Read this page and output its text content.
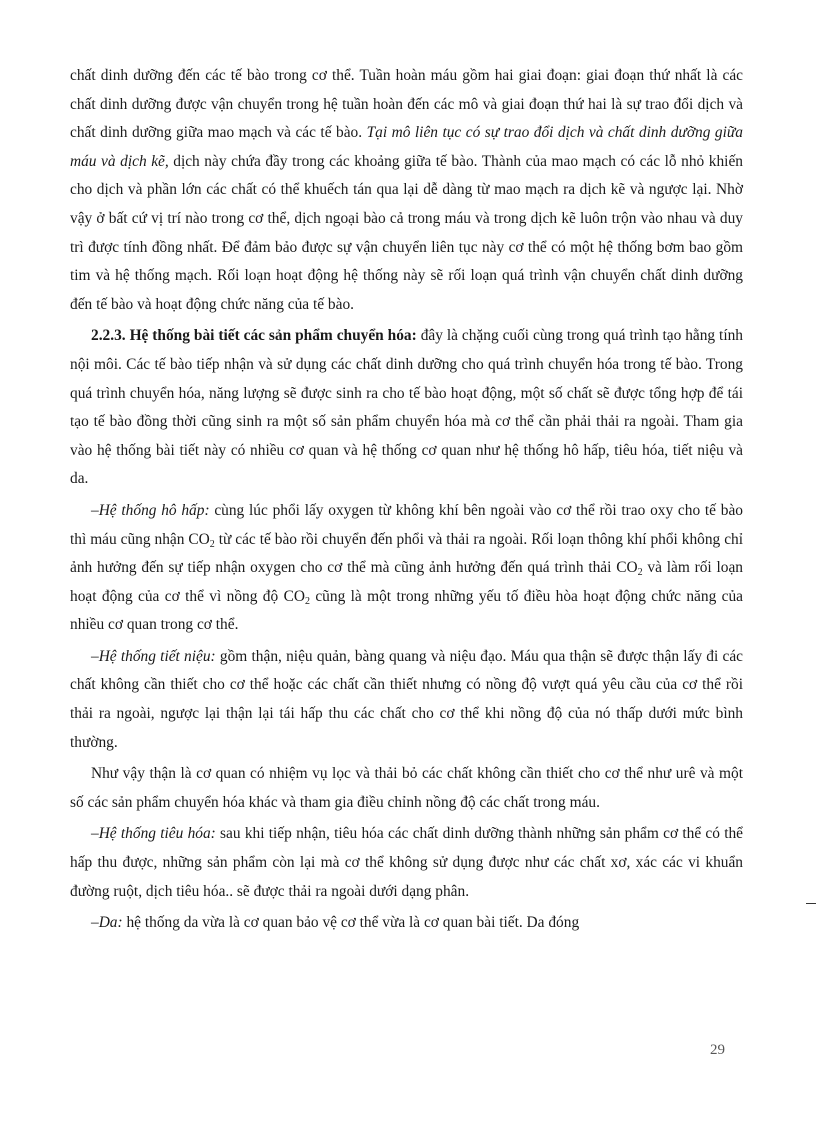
chất dinh dưỡng đến các tế bào trong cơ thể. Tuần hoàn máu gồm hai giai đoạn: giai đoạn thứ nhất là các chất dinh dưỡng được vận chuyển trong hệ tuần hoàn đến các mô và giai đoạn thứ hai là sự trao đổi dịch và chất dinh dưỡng giữa mao mạch và các tế bào. Tại mô liên tục có sự trao đổi dịch và chất dinh dưỡng giữa máu và dịch kẽ, dịch này chứa đầy trong các khoảng giữa tế bào. Thành của mao mạch có các lỗ nhỏ khiến cho dịch và phần lớn các chất có thể khuếch tán qua lại dễ dàng từ mao mạch ra dịch kẽ và ngược lại. Nhờ vậy ở bất cứ vị trí nào trong cơ thể, dịch ngoại bào cả trong máu và trong dịch kẽ luôn trộn vào nhau và duy trì được tính đồng nhất. Để đảm bảo được sự vận chuyển liên tục này cơ thể có một hệ thống bơm bao gồm tim và hệ thống mạch. Rối loạn hoạt động hệ thống này sẽ rối loạn quá trình vận chuyển chất dinh dưỡng đến tế bào và hoạt động chức năng của tế bào.

2.2.3. Hệ thống bài tiết các sản phẩm chuyển hóa: đây là chặng cuối cùng trong quá trình tạo hằng tính nội môi. Các tế bào tiếp nhận và sử dụng các chất dinh dưỡng cho quá trình chuyển hóa trong tế bào. Trong quá trình chuyển hóa, năng lượng sẽ được sinh ra cho tế bào hoạt động, một số chất sẽ được tổng hợp để tái tạo tế bào đồng thời cũng sinh ra một số sản phẩm chuyển hóa mà cơ thể cần phải thải ra ngoài. Tham gia vào hệ thống bài tiết này có nhiều cơ quan và hệ thống cơ quan như hệ thống hô hấp, tiêu hóa, tiết niệu và da.

–Hệ thống hô hấp: cùng lúc phổi lấy oxygen từ không khí bên ngoài vào cơ thể rồi trao oxy cho tế bào thì máu cũng nhận $CO_2$ từ các tế bào rồi chuyển đến phổi và thải ra ngoài. Rối loạn thông khí phổi không chỉ ảnh hưởng đến sự tiếp nhận oxygen cho cơ thể mà cũng ảnh hưởng đến quá trình thải $CO_2$ và làm rối loạn hoạt động của cơ thể vì nồng độ $CO_2$ cũng là một trong những yếu tố điều hòa hoạt động chức năng của nhiều cơ quan trong cơ thể.

–Hệ thống tiết niệu: gồm thận, niệu quản, bàng quang và niệu đạo. Máu qua thận sẽ được thận lấy đi các chất không cần thiết cho cơ thể hoặc các chất cần thiết nhưng có nồng độ vượt quá yêu cầu của cơ thể rồi thải ra ngoài, ngược lại thận lại tái hấp thu các chất cho cơ thể khi nồng độ của nó thấp dưới mức bình thường.

Như vậy thận là cơ quan có nhiệm vụ lọc và thải bỏ các chất không cần thiết cho cơ thể như urê và một số các sản phẩm chuyển hóa khác và tham gia điều chỉnh nồng độ các chất trong máu.

–Hệ thống tiêu hóa: sau khi tiếp nhận, tiêu hóa các chất dinh dưỡng thành những sản phẩm cơ thể có thể hấp thu được, những sản phẩm còn lại mà cơ thể không sử dụng được như các chất xơ, xác các vi khuẩn đường ruột, dịch tiêu hóa.. sẽ được thải ra ngoài dưới dạng phân.

–Da: hệ thống da vừa là cơ quan bảo vệ cơ thể vừa là cơ quan bài tiết. Da đóng

29
